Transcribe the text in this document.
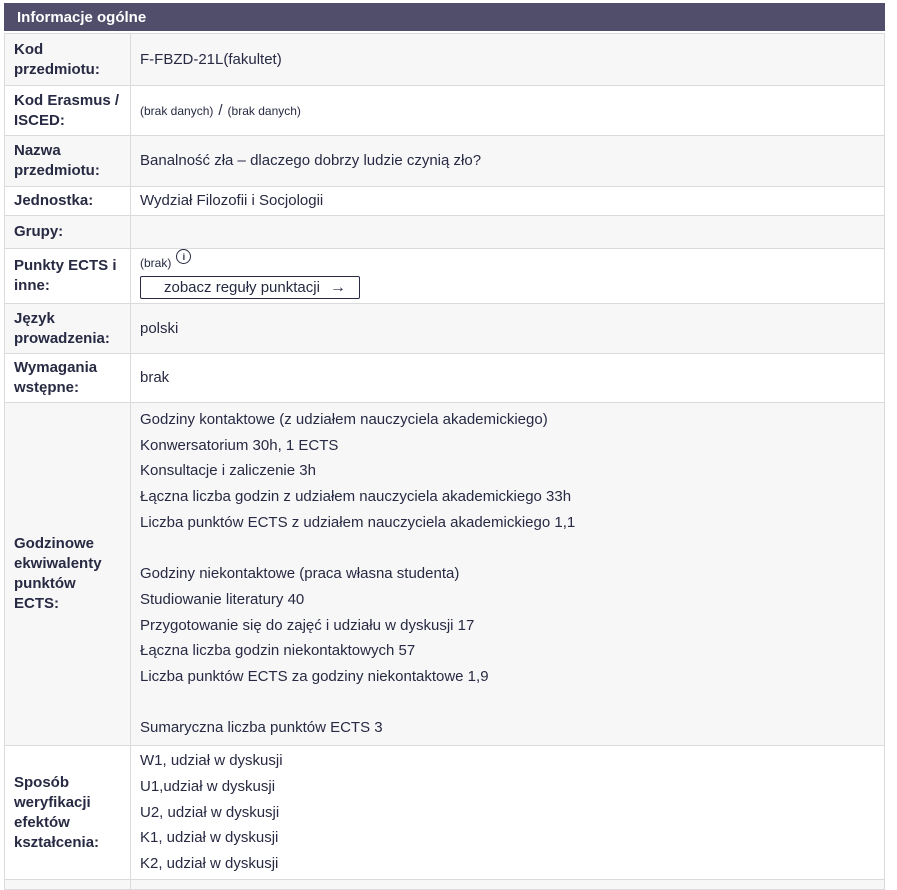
Informacje ogólne
Kod przedmiotu:
F-FBZD-21L(fakultet)
Kod Erasmus / ISCED:
(brak danych) / (brak danych)
Nazwa przedmiotu:
Banalność zła – dlaczego dobrzy ludzie czynią zło?
Jednostka:	Wydział Filozofii i Socjologii
Grupy:
Punkty ECTS i inne:
(brak)	i
zobacz reguły punktacji →
Język prowadzenia:
polski
Wymagania wstępne:
brak
Godzinowe ekwiwalenty punktów ECTS:
Godziny kontaktowe (z udziałem nauczyciela akademickiego)
Konwersatorium 30h, 1 ECTS
Konsultacje i zaliczenie 3h
Łączna liczba godzin z udziałem nauczyciela akademickiego 33h
Liczba punktów ECTS z udziałem nauczyciela akademickiego 1,1

Godziny niekontaktowe (praca własna studenta)
Studiowanie literatury 40
Przygotowanie się do zajęć i udziału w dyskusji 17
Łączna liczba godzin niekontaktowych 57
Liczba punktów ECTS za godziny niekontaktowe 1,9

Sumaryczna liczba punktów ECTS 3
Sposób weryfikacji efektów kształcenia:
W1, udział w dyskusji
U1,udział w dyskusji
U2, udział w dyskusji
K1, udział w dyskusji
K2, udział w dyskusji
